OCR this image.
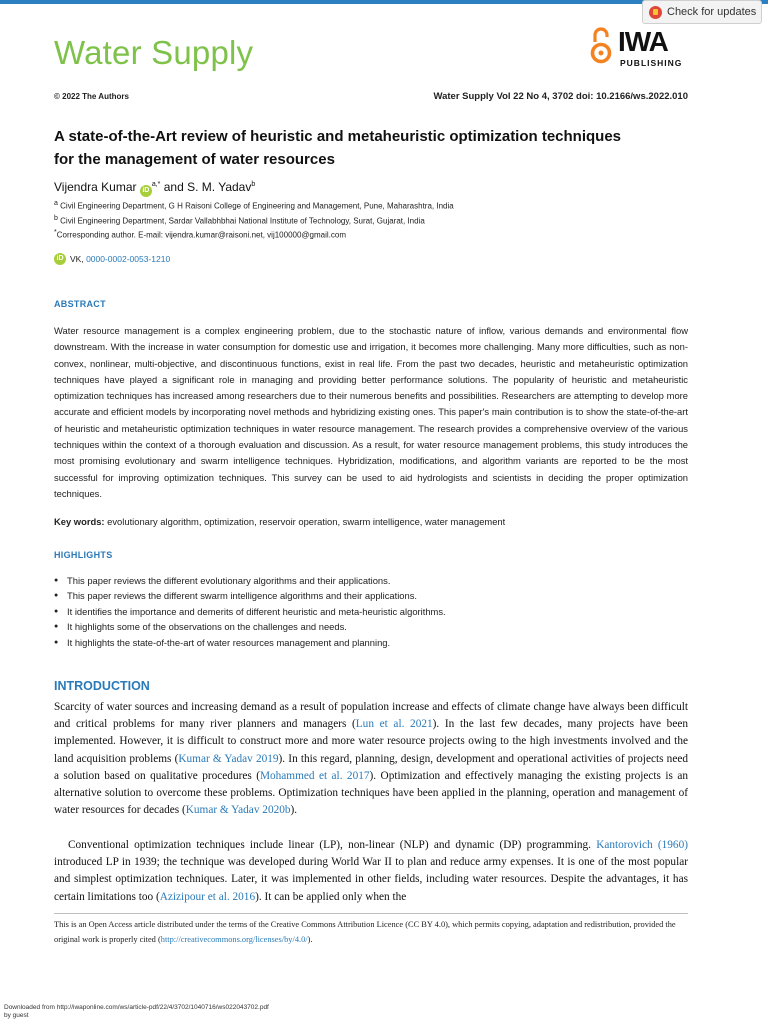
Check for updates
Water Supply	IWA
PUBLISHING
© 2022 The Authors	Water Supply Vol 22 No 4, 3702 doi: 10.2166/ws.2022.010
A state-of-the-Art review of heuristic and metaheuristic optimization techniques
for the management of water resources
Vijendra Kumar $iD^{a,*}$ and S. M. Yadav$^b$
$^a$ Civil Engineering Department, G H Raisoni College of Engineering and Management, Pune, Maharashtra, India
$^b$ Civil Engineering Department, Sardar Vallabhbhai National Institute of Technology, Surat, Gujarat, India
*Corresponding author. E-mail: vijendra.kumar@raisoni.net, vij100000@gmail.com
iD VK, 0000-0002-0053-1210
ABSTRACT
Water resource management is a complex engineering problem, due to the stochastic nature of inflow, various demands and environmental flow downstream. With the increase in water consumption for domestic use and irrigation, it becomes more challenging. Many more difficulties, such as non-convex, nonlinear, multi-objective, and discontinuous functions, exist in real life. From the past two decades, heuristic and metaheuristic optimization techniques have played a significant role in managing and providing better performance solutions. The popularity of heuristic and metaheuristic optimization techniques has increased among researchers due to their numerous benefits and possibilities. Researchers are attempting to develop more accurate and efficient models by incorporating novel methods and hybridizing existing ones. This paper's main contribution is to show the state-of-the-art of heuristic and metaheuristic optimization techniques in water resource management. The research provides a comprehensive overview of the various techniques within the context of a thorough evaluation and discussion. As a result, for water resource management problems, this study introduces the most promising evolutionary and swarm intelligence techniques. Hybridization, modifications, and algorithm variants are reported to be the most successful for improving optimization techniques. This survey can be used to aid hydrologists and scientists in deciding the proper optimization techniques.
Key words: evolutionary algorithm, optimization, reservoir operation, swarm intelligence, water management
HIGHLIGHTS
● This paper reviews the different evolutionary algorithms and their applications.
● This paper reviews the different swarm intelligence algorithms and their applications.
● It identifies the importance and demerits of different heuristic and meta-heuristic algorithms.
● It highlights some of the observations on the challenges and needs.
● It highlights the state-of-the-art of water resources management and planning.
INTRODUCTION

Scarcity of water sources and increasing demand as a result of population increase and effects of climate change have always been difficult and critical problems for many river planners and managers (Lun et al. 2021). In the last few decades, many projects have been implemented. However, it is difficult to construct more and more water resource projects owing to the high investments involved and the land acquisition problems (Kumar & Yadav 2019). In this regard, planning, design, development and operational activities of projects need a solution based on qualitative procedures (Mohammed et al. 2017). Optimization and effectively managing the existing projects is an alternative solution to overcome these problems. Optimization techniques have been applied in the planning, operation and management of water resources for decades (Kumar & Yadav 2020b).

Conventional optimization techniques include linear (LP), non-linear (NLP) and dynamic (DP) programming. Kantorovich (1960) introduced LP in 1939; the technique was developed during World War II to plan and reduce army expenses. It is one of the most popular and simplest optimization techniques. Later, it was implemented in other fields, including water resources. Despite the advantages, it has certain limitations too (Azizipour et al. 2016). It can be applied only when the

This is an Open Access article distributed under the terms of the Creative Commons Attribution Licence (CC BY 4.0), which permits copying, adaptation and redistribution, provided the original work is properly cited (http://creativecommons.org/licenses/by/4.0/).
Downloaded from http://iwaponline.com/ws/article-pdf/22/4/3702/1040716/ws022043702.pdf
by guest
